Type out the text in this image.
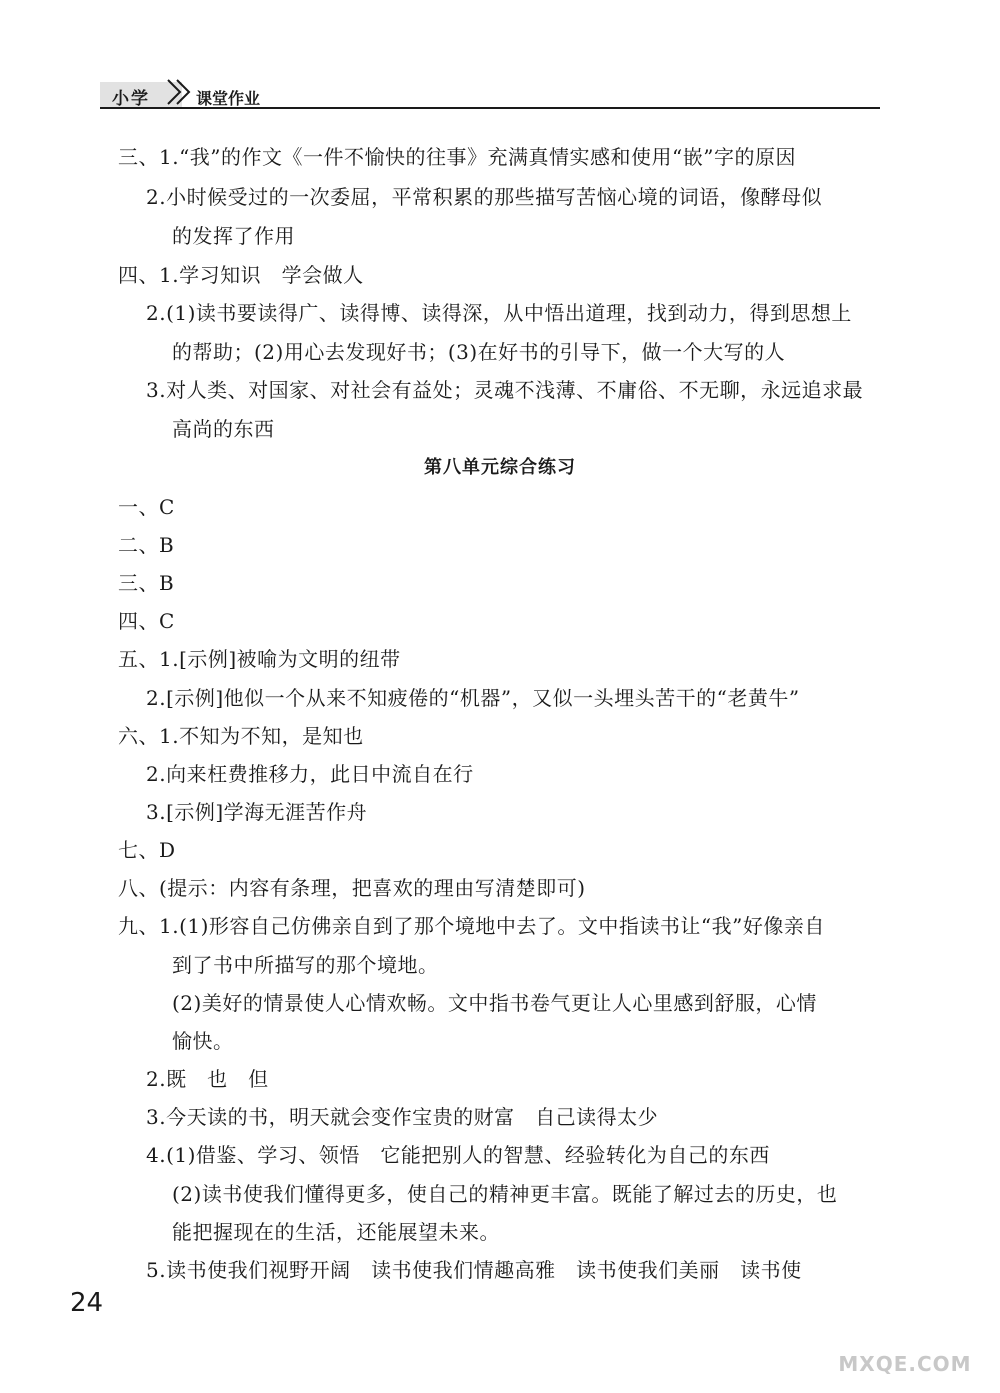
小学	课堂作业
三、1.“我”的作文《一件不愉快的往事》充满真情实感和使用“嵌”字的原因
2.小时候受过的一次委屈，平常积累的那些描写苦恼心境的词语，像酵母似
的发挥了作用
四、1.学习知识　学会做人
2.(1)读书要读得广、读得博、读得深，从中悟出道理，找到动力，得到思想上
的帮助；(2)用心去发现好书；(3)在好书的引导下，做一个大写的人
3.对人类、对国家、对社会有益处；灵魂不浅薄、不庸俗、不无聊，永远追求最
高尚的东西
第八单元综合练习
一、C
二、B
三、B
四、C
五、1.[示例]被喻为文明的纽带
2.[示例]他似一个从来不知疲倦的“机器”，又似一头埋头苦干的“老黄牛”
六、1.不知为不知，是知也
2.向来枉费推移力，此日中流自在行
3.[示例]学海无涯苦作舟
七、D
八、(提示：内容有条理，把喜欢的理由写清楚即可)
九、1.(1)形容自己仿佛亲自到了那个境地中去了。文中指读书让“我”好像亲自
到了书中所描写的那个境地。
(2)美好的情景使人心情欢畅。文中指书卷气更让人心里感到舒服，心情
愉快。
2.既　也　但
3.今天读的书，明天就会变作宝贵的财富　自己读得太少
4.(1)借鉴、学习、领悟　它能把别人的智慧、经验转化为自己的东西
(2)读书使我们懂得更多，使自己的精神更丰富。既能了解过去的历史，也
能把握现在的生活，还能展望未来。
5.读书使我们视野开阔　读书使我们情趣高雅　读书使我们美丽　读书使
24
MXQE.COM
